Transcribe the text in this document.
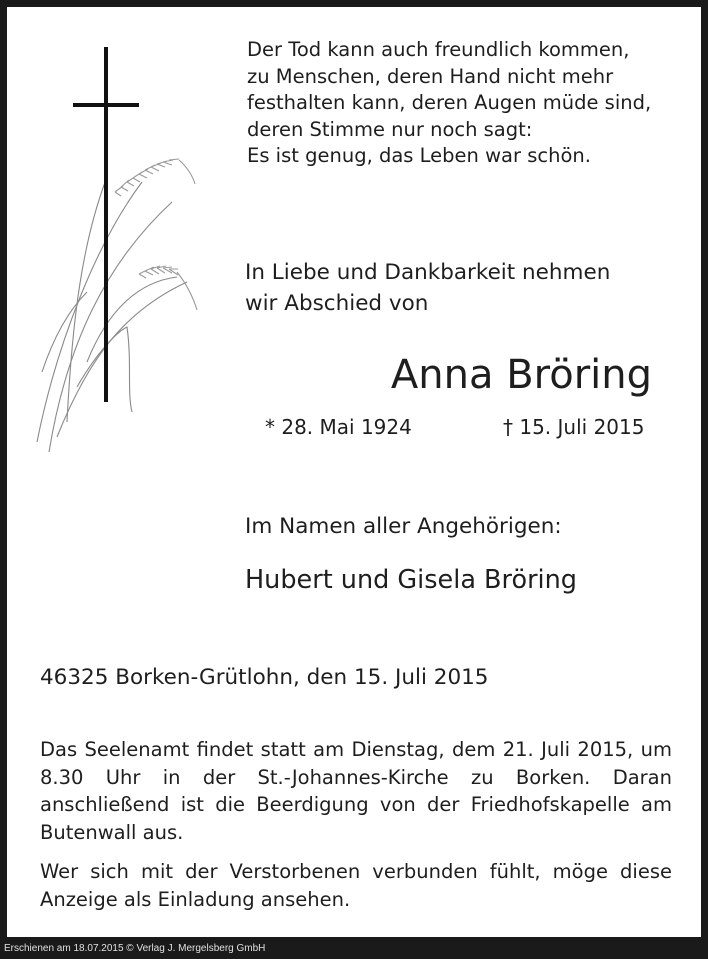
Der Tod kann auch freundlich kommen,
zu Menschen, deren Hand nicht mehr
festhalten kann, deren Augen müde sind,
deren Stimme nur noch sagt:
Es ist genug, das Leben war schön.
In Liebe und Dankbarkeit nehmen
wir Abschied von
Anna Bröring
* 28. Mai 1924	† 15. Juli 2015
Im Namen aller Angehörigen:
Hubert und Gisela Bröring
46325 Borken-Grütlohn, den 15. Juli 2015

Das Seelenamt findet statt am Dienstag, dem 21. Juli 2015, um 8.30 Uhr in der St.-Johannes-Kirche zu Borken. Daran anschließend ist die Beerdigung von der Friedhofskapelle am Butenwall aus.

Wer sich mit der Verstorbenen verbunden fühlt, möge diese Anzeige als Einladung ansehen.

Erschienen am 18.07.2015 © Verlag J. Mergelsberg GmbH
